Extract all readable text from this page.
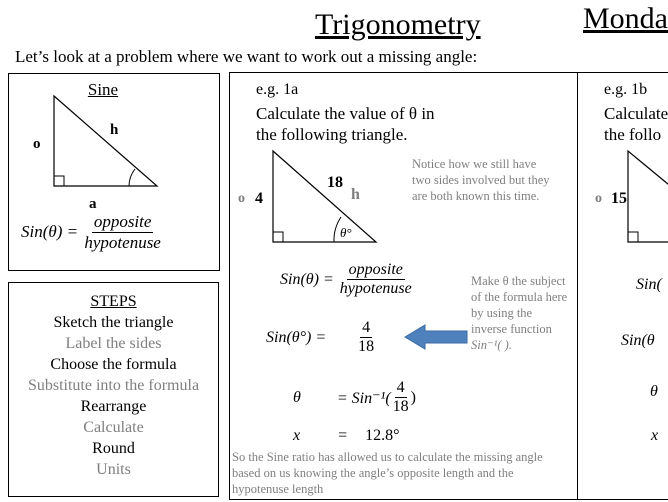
Trigonometry	Monda
Let’s look at a problem where we want to work out a missing angle:
Sine
o
h
a
$Sin(\theta) = \frac{\text{opposite}}{\text{hypotenuse}}$
STEPS
Sketch the triangle
Label the sides
Choose the formula
Substitute into the formula
Rearrange
Calculate
Round
Units
e.g. 1a
Calculate the value of θ in
the following triangle.
o 4
18
h
θ°
Notice how we still have two sides involved but they are both known this time.
$Sin(\theta) = \frac{\text{opposite}}{\text{hypotenuse}}$
$Sin(\theta^\circ) = \frac{4}{18}$
Make θ the subject of the formula here by using the inverse function
Sin⁻¹( ).
$\theta = Sin^{-1}( \frac{4}{18}$ )
x = 12.8°
So the Sine ratio has allowed us to calculate the missing angle based on us knowing the angle’s opposite length and the hypotenuse length
e.g. 1b
Calculate
the follo
o 15
Sin(
Sin(θ
θ
x
